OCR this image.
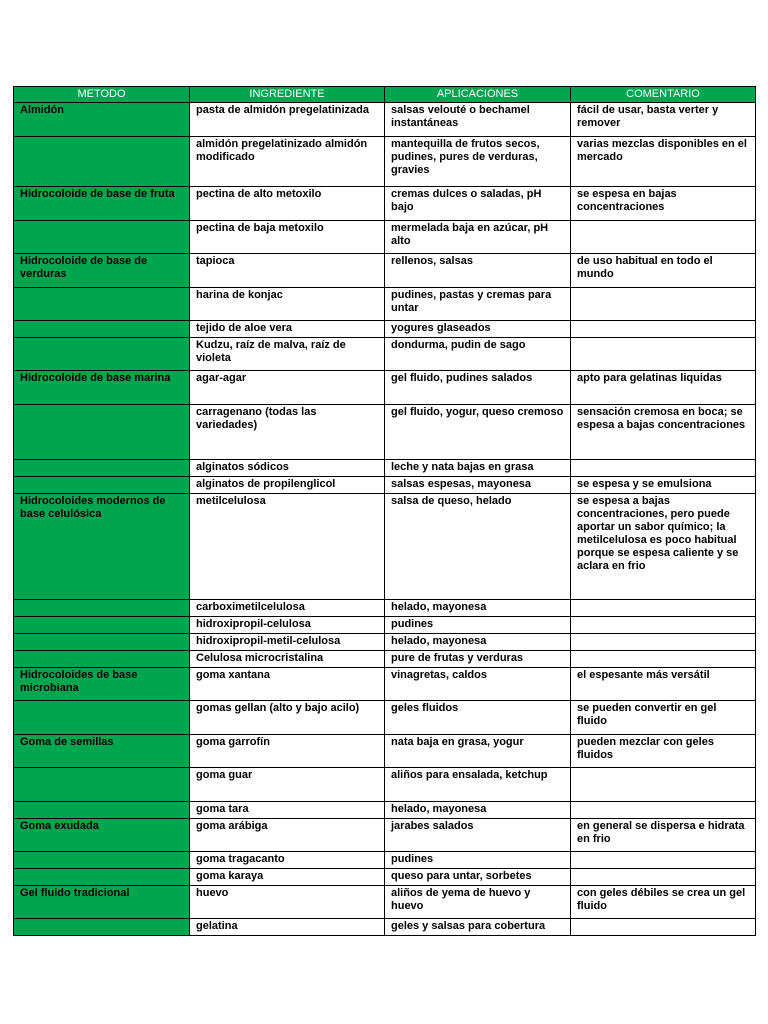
METODO	INGREDIENTE	APLICACIONES	COMENTARIO
Almidón	pasta de almidón pregelatinizada	salsas velouté o bechamel instantáneas	fácil de usar, basta verter y remover
	almidón pregelatinizado almidón modificado	mantequilla de frutos secos, pudines, pures de verduras, gravies	varias mezclas disponibles en el mercado
Hidrocoloide de base de fruta	pectina de alto metoxilo	cremas dulces o saladas, pH bajo	se espesa en bajas concentraciones
	pectina de baja metoxilo	mermelada baja en azúcar, pH alto	
Hidrocoloide de base de verduras	tapioca	rellenos, salsas	de uso habitual en todo el mundo
	harina de konjac	pudines, pastas y cremas para untar	
	tejido de aloe vera	yogures glaseados	
	Kudzu, raíz de malva, raíz de violeta	dondurma, pudin de sago	
Hidrocoloide de base marina	agar-agar	gel fluido, pudines salados	apto para gelatinas liquidas
	carragenano (todas las variedades)	gel fluido, yogur, queso cremoso	sensación cremosa en boca; se espesa a bajas concentraciones
	alginatos sódicos	leche y nata bajas en grasa	
	alginatos de propilenglicol	salsas espesas, mayonesa	se espesa y se emulsiona
Hidrocoloides modernos de base celulósica	metilcelulosa	salsa de queso, helado	se espesa a bajas concentraciones, pero puede aportar un sabor químico; la metilcelulosa es poco habitual porque se espesa caliente y se aclara en frio
	carboximetilcelulosa	helado, mayonesa	
	hidroxipropil-celulosa	pudines	
	hidroxipropil-metil-celulosa	helado, mayonesa	
	Celulosa microcristalina	pure de frutas y verduras	
Hidrocoloides de base microbiana	goma xantana	vinagretas, caldos	el espesante más versátil
	gomas gellan (alto y bajo acilo)	geles fluidos	se pueden convertir en gel fluido
Goma de semillas	goma garrofín	nata baja en grasa, yogur	pueden mezclar con geles fluidos
	goma guar	aliños para ensalada, ketchup	
	goma tara	helado, mayonesa	
Goma exudada	goma arábiga	jarabes salados	en general se dispersa e hidrata en frio
	goma tragacanto	pudines	
	goma karaya	queso para untar, sorbetes	
Gel fluido tradicional	huevo	aliños de yema de huevo y huevo	con geles débiles se crea un gel fluido
	gelatina	geles y salsas para cobertura	
